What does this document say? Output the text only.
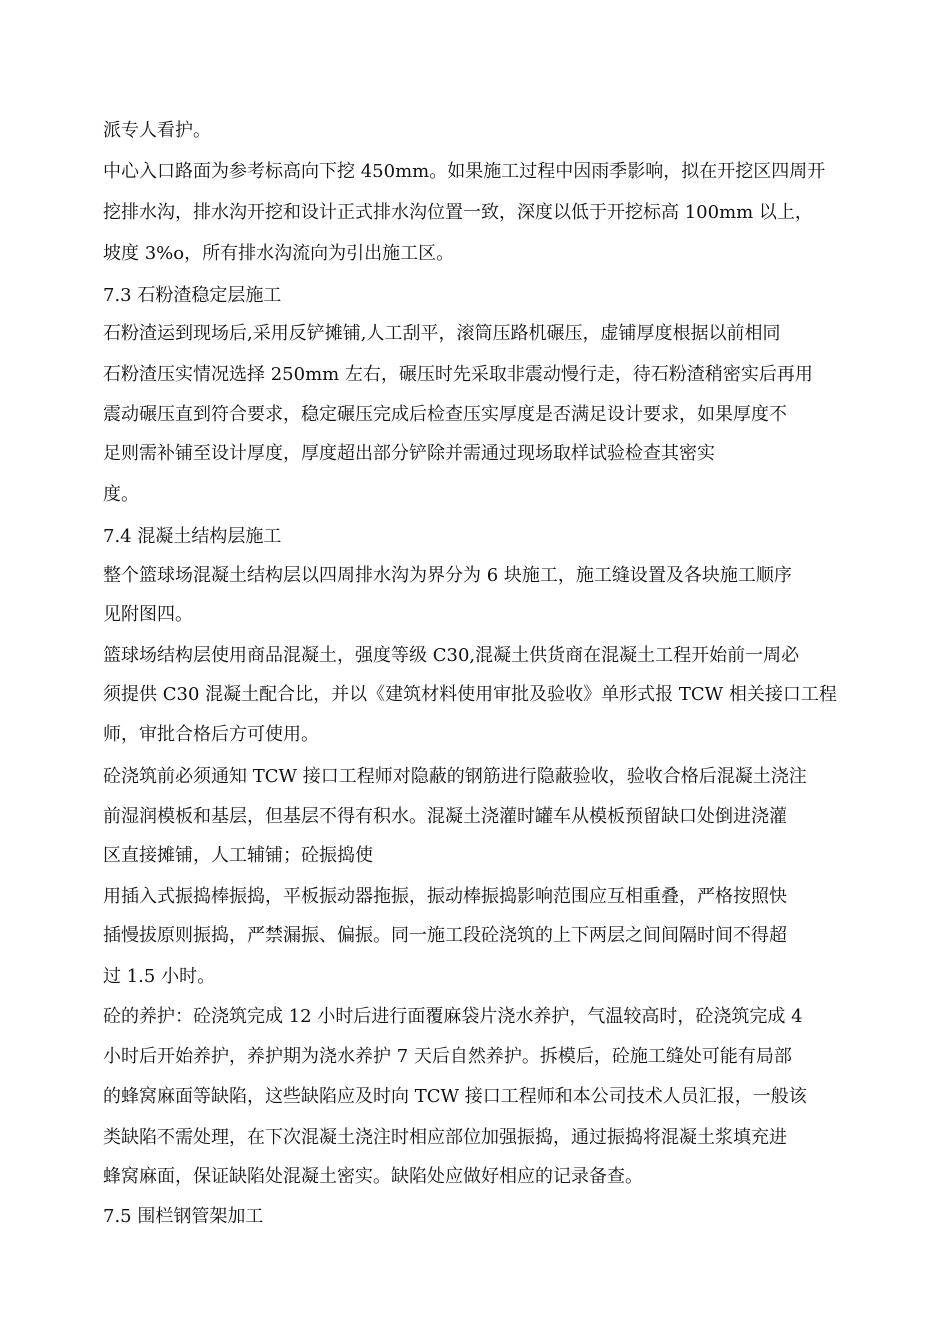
派专人看护。

中心入口路面为参考标高向下挖 450mm。如果施工过程中因雨季影响，拟在开挖区四周开

挖排水沟，排水沟开挖和设计正式排水沟位置一致，深度以低于开挖标高 100mm 以上，

坡度 3%o，所有排水沟流向为引出施工区。

7.3 石粉渣稳定层施工

石粉渣运到现场后,采用反铲摊铺,人工刮平，滚筒压路机碾压，虚铺厚度根据以前相同

石粉渣压实情况选择 250mm 左右，碾压时先采取非震动慢行走，待石粉渣稍密实后再用

震动碾压直到符合要求，稳定碾压完成后检查压实厚度是否满足设计要求，如果厚度不

足则需补铺至设计厚度，厚度超出部分铲除并需通过现场取样试验检查其密实

度。

7.4 混凝土结构层施工

整个篮球场混凝土结构层以四周排水沟为界分为 6 块施工，施工缝设置及各块施工顺序

见附图四。

篮球场结构层使用商品混凝土，强度等级 C30,混凝土供货商在混凝土工程开始前一周必

须提供 C30 混凝土配合比，并以《建筑材料使用审批及验收》单形式报 TCW 相关接口工程

师，审批合格后方可使用。

砼浇筑前必须通知 TCW 接口工程师对隐蔽的钢筋进行隐蔽验收，验收合格后混凝土浇注

前湿润模板和基层，但基层不得有积水。混凝土浇灌时罐车从模板预留缺口处倒进浇灌

区直接摊铺，人工辅铺；砼振捣使

用插入式振捣棒振捣，平板振动器拖振，振动棒振捣影响范围应互相重叠，严格按照快

插慢拔原则振捣，严禁漏振、偏振。同一施工段砼浇筑的上下两层之间间隔时间不得超

过 1.5 小时。

砼的养护：砼浇筑完成 12 小时后进行面覆麻袋片浇水养护，气温较高时，砼浇筑完成 4

小时后开始养护，养护期为浇水养护 7 天后自然养护。拆模后，砼施工缝处可能有局部

的蜂窝麻面等缺陷，这些缺陷应及时向 TCW 接口工程师和本公司技术人员汇报，一般该

类缺陷不需处理，在下次混凝土浇注时相应部位加强振捣，通过振捣将混凝土浆填充进

蜂窝麻面，保证缺陷处混凝土密实。缺陷处应做好相应的记录备查。

7.5 围栏钢管架加工
